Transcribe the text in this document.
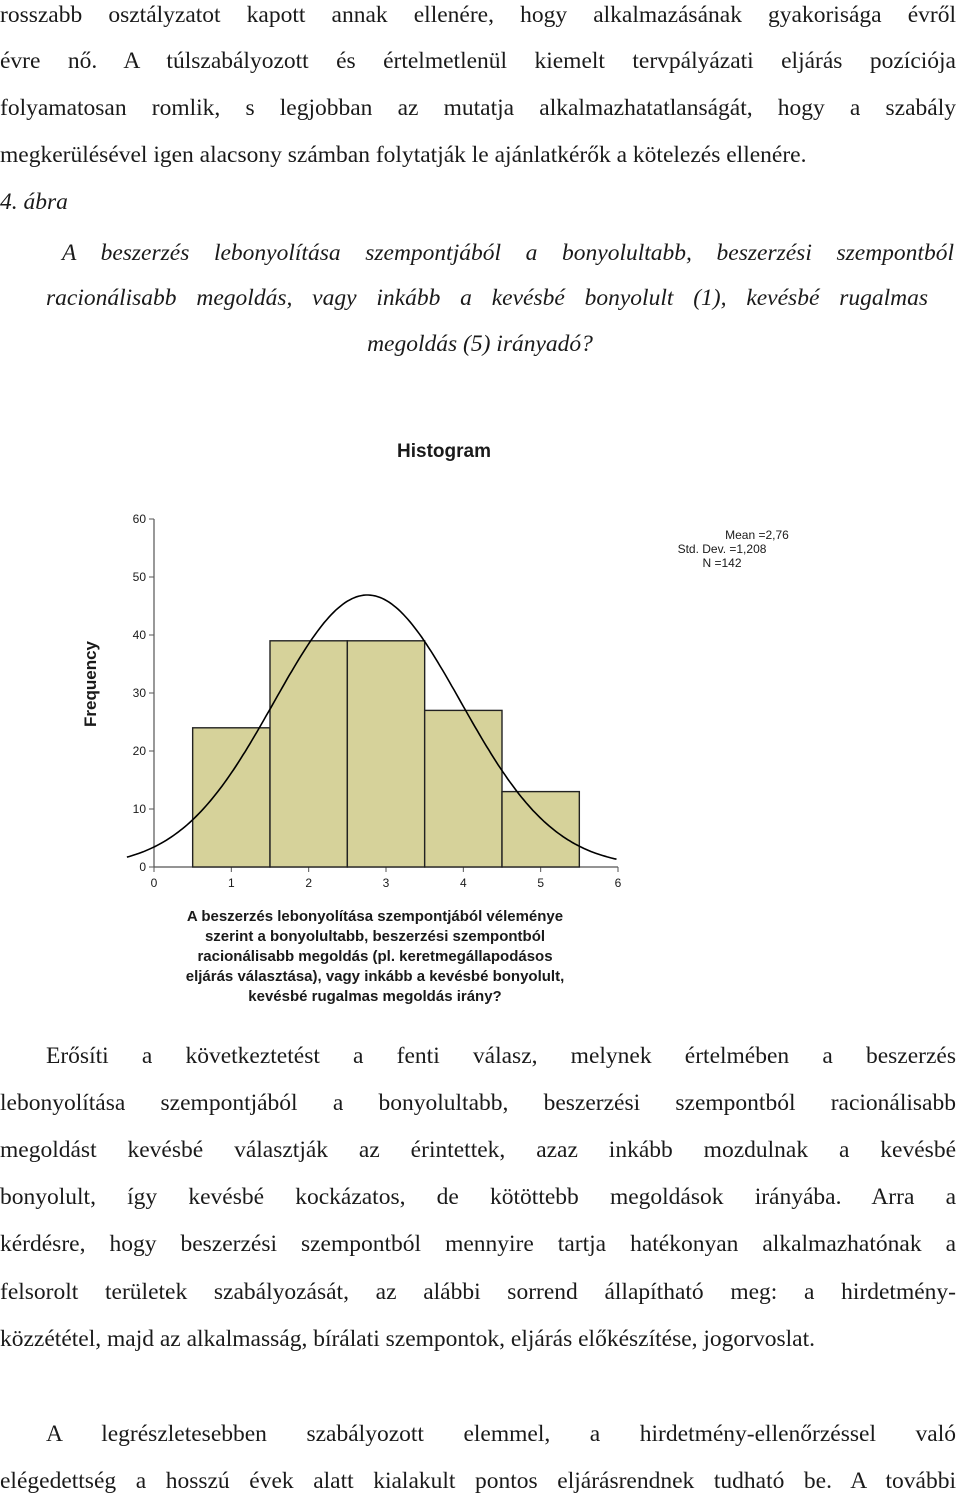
rosszabb osztályzatot kapott annak ellenére, hogy alkalmazásának gyakorisága évről
évre nő. A túlszabályozott és értelmetlenül kiemelt tervpályázati eljárás pozíciója
folyamatosan romlik, s legjobban az mutatja alkalmazhatatlanságát, hogy a szabály
megkerülésével igen alacsony számban folytatják le ajánlatkérők a kötelezés ellenére.
4. ábra
A beszerzés lebonyolítása szempontjából a bonyolultabb, beszerzési szempontból
racionálisabb megoldás, vagy inkább a kevésbé bonyolult (1), kevésbé rugalmas
megoldás (5) irányadó?
Histogram
Frequency
0
10
20
30
40
50
60
0	1	2	3	4	5	6
Mean =2,76
Std. Dev. =1,208
N =142
A beszerzés lebonyolítása szempontjából véleménye
szerint a bonyolultabb, beszerzési szempontból
racionálisabb megoldás (pl. keretmegállapodásos
eljárás választása), vagy inkább a kevésbé bonyolult,
kevésbé rugalmas megoldás irány?
Erősíti a következtetést a fenti válasz, melynek értelmében a beszerzés
lebonyolítása szempontjából a bonyolultabb, beszerzési szempontból racionálisabb
megoldást kevésbé választják az érintettek, azaz inkább mozdulnak a kevésbé
bonyolult, így kevésbé kockázatos, de kötöttebb megoldások irányába. Arra a
kérdésre, hogy beszerzési szempontból mennyire tartja hatékonyan alkalmazhatónak a
felsorolt területek szabályozását, az alábbi sorrend állapítható meg: a hirdetmény-
közzététel, majd az alkalmasság, bírálati szempontok, eljárás előkészítése, jogorvoslat.
A legrészletesebben szabályozott elemmel, a hirdetmény-ellenőrzéssel való
elégedettség a hosszú évek alatt kialakult pontos eljárásrendnek tudható be. A további
